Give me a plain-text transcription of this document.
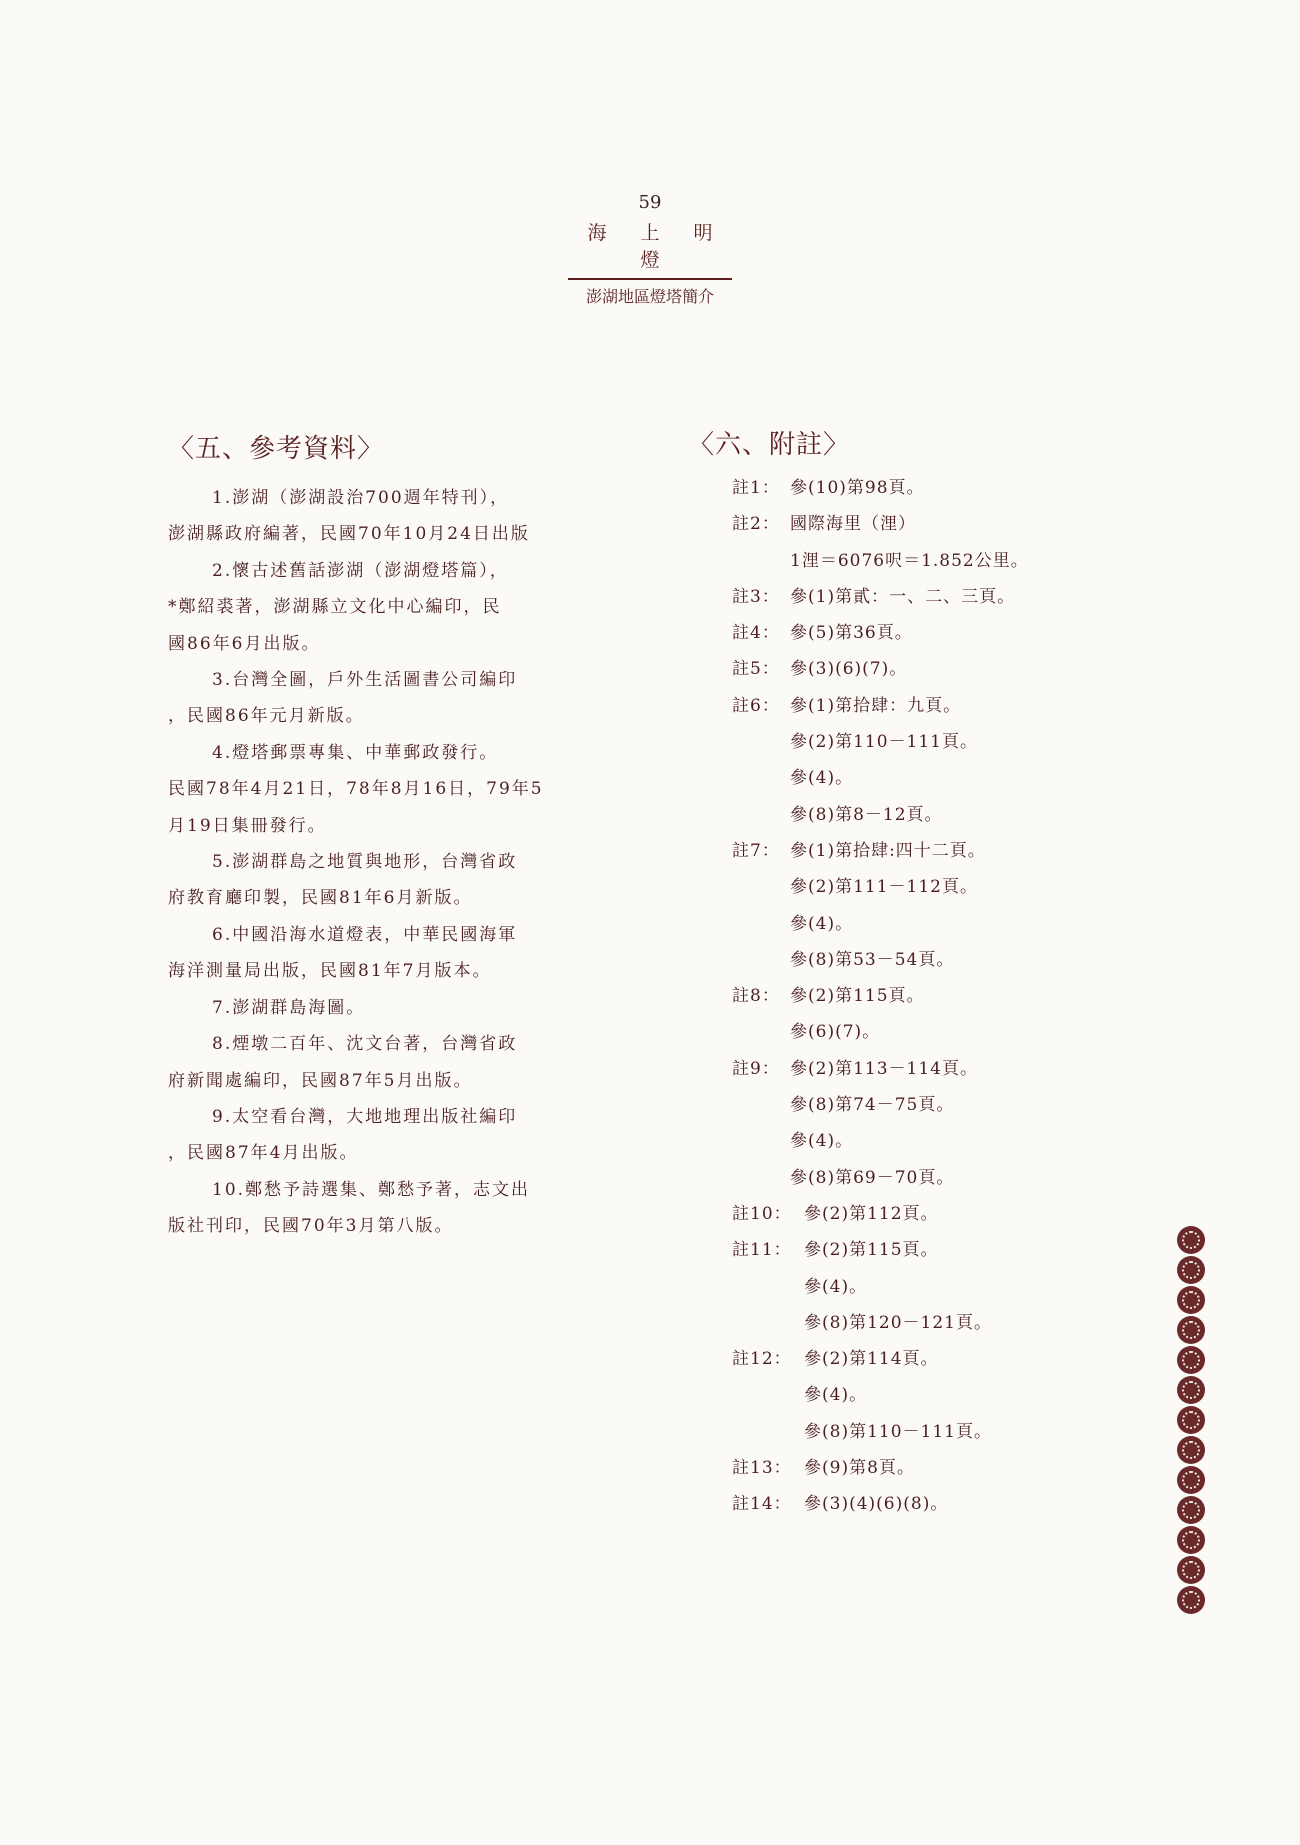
59
海 上 明 燈
澎湖地區燈塔簡介
〈五、參考資料〉
1.澎湖（澎湖設治700週年特刊），
澎湖縣政府編著，民國70年10月24日出版
2.懷古述舊話澎湖（澎湖燈塔篇），
*鄭紹裘著，澎湖縣立文化中心編印，民
國86年6月出版。
3.台灣全圖，戶外生活圖書公司編印
，民國86年元月新版。
4.燈塔郵票專集、中華郵政發行。
民國78年4月21日，78年8月16日，79年5
月19日集冊發行。
5.澎湖群島之地質與地形，台灣省政
府教育廳印製，民國81年6月新版。
6.中國沿海水道燈表，中華民國海軍
海洋測量局出版，民國81年7月版本。
7.澎湖群島海圖。
8.煙墩二百年、沈文台著，台灣省政
府新聞處編印，民國87年5月出版。
9.太空看台灣，大地地理出版社編印
，民國87年4月出版。
10.鄭愁予詩選集、鄭愁予著，志文出
版社刊印，民國70年3月第八版。
〈六、附註〉
註1： 參(10)第98頁。
註2： 國際海里（浬）
1浬＝6076呎＝1.852公里。
註3： 參(1)第貳：一、二、三頁。
註4： 參(5)第36頁。
註5： 參(3)(6)(7)。
註6： 參(1)第拾肆：九頁。
參(2)第110－111頁。
參(4)。
參(8)第8－12頁。
註7： 參(1)第拾肆:四十二頁。
參(2)第111－112頁。
參(4)。
參(8)第53－54頁。
註8： 參(2)第115頁。
參(6)(7)。
註9： 參(2)第113－114頁。
參(8)第74－75頁。
參(4)。
參(8)第69－70頁。
註10： 參(2)第112頁。
註11： 參(2)第115頁。
參(4)。
參(8)第120－121頁。
註12： 參(2)第114頁。
參(4)。
參(8)第110－111頁。
註13： 參(9)第8頁。
註14： 參(3)(4)(6)(8)。
